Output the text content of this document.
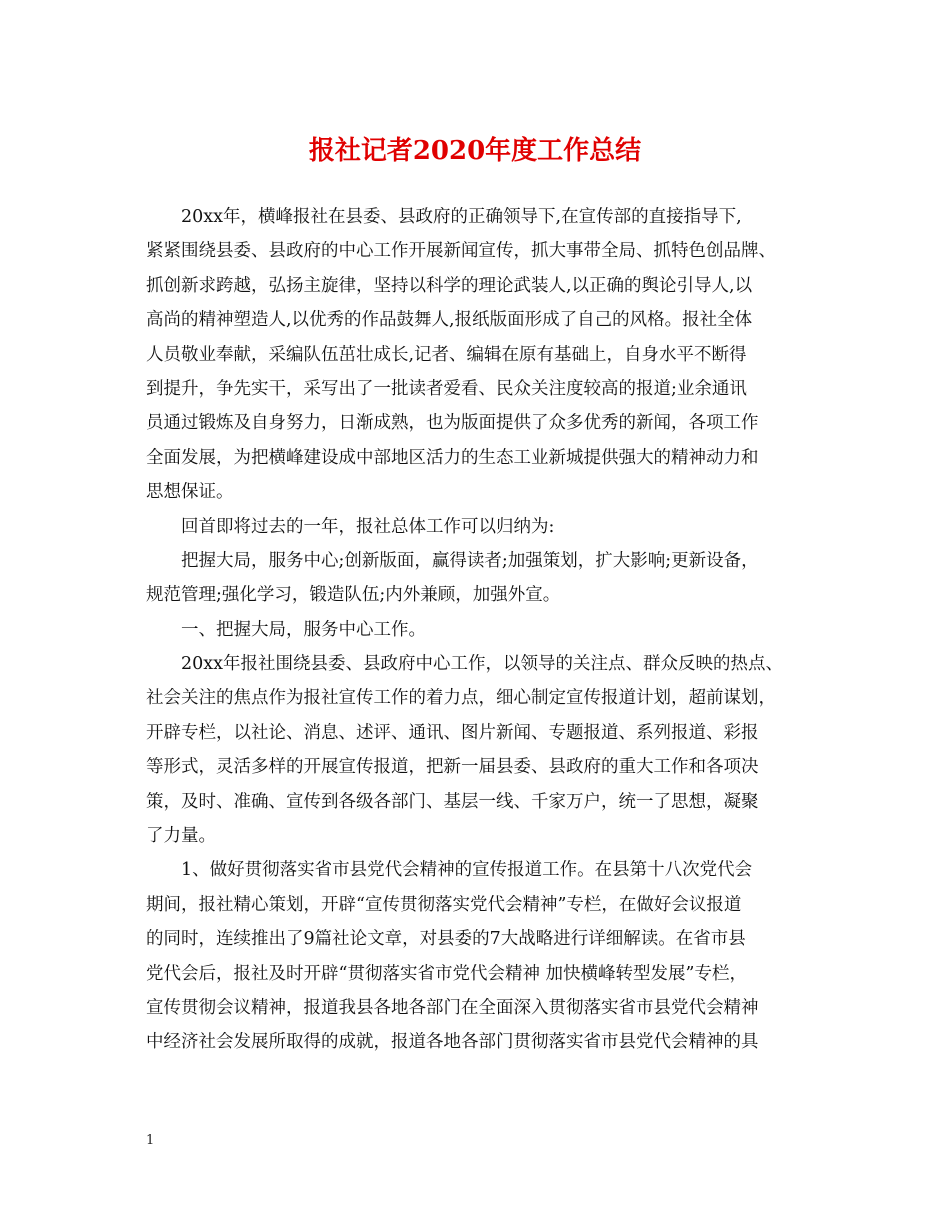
报社记者2020年度工作总结
20xx年，横峰报社在县委、县政府的正确领导下,在宣传部的直接指导下,
紧紧围绕县委、县政府的中心工作开展新闻宣传，抓大事带全局、抓特色创品牌、
抓创新求跨越，弘扬主旋律，坚持以科学的理论武装人,以正确的舆论引导人,以
高尚的精神塑造人,以优秀的作品鼓舞人,报纸版面形成了自己的风格。报社全体
人员敬业奉献，采编队伍茁壮成长,记者、编辑在原有基础上，自身水平不断得
到提升，争先实干，采写出了一批读者爱看、民众关注度较高的报道;业余通讯
员通过锻炼及自身努力，日渐成熟，也为版面提供了众多优秀的新闻，各项工作
全面发展，为把横峰建设成中部地区活力的生态工业新城提供强大的精神动力和
思想保证。
回首即将过去的一年，报社总体工作可以归纳为:
把握大局，服务中心;创新版面，赢得读者;加强策划，扩大影响;更新设备，
规范管理;强化学习，锻造队伍;内外兼顾，加强外宣。
一、把握大局，服务中心工作。
20xx年报社围绕县委、县政府中心工作，以领导的关注点、群众反映的热点、
社会关注的焦点作为报社宣传工作的着力点，细心制定宣传报道计划，超前谋划，
开辟专栏，以社论、消息、述评、通讯、图片新闻、专题报道、系列报道、彩报
等形式，灵活多样的开展宣传报道，把新一届县委、县政府的重大工作和各项决
策，及时、准确、宣传到各级各部门、基层一线、千家万户，统一了思想，凝聚
了力量。
1、做好贯彻落实省市县党代会精神的宣传报道工作。在县第十八次党代会
期间，报社精心策划，开辟“宣传贯彻落实党代会精神”专栏，在做好会议报道
的同时，连续推出了9篇社论文章，对县委的7大战略进行详细解读。在省市县
党代会后，报社及时开辟“贯彻落实省市党代会精神 加快横峰转型发展”专栏，
宣传贯彻会议精神，报道我县各地各部门在全面深入贯彻落实省市县党代会精神
中经济社会发展所取得的成就，报道各地各部门贯彻落实省市县党代会精神的具
1
